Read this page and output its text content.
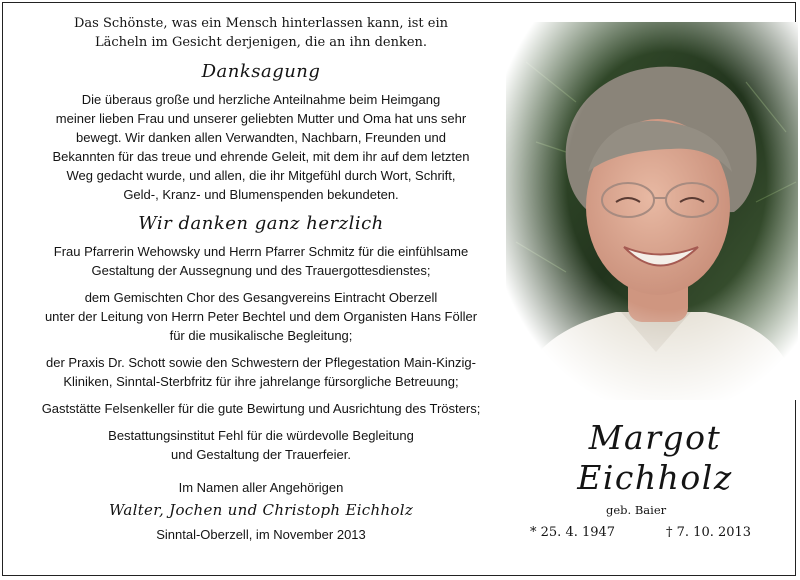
Das Schönste, was ein Mensch hinterlassen kann, ist ein
Lächeln im Gesicht derjenigen, die an ihn denken.
Danksagung
Die überaus große und herzliche Anteilnahme beim Heimgang
meiner lieben Frau und unserer geliebten Mutter und Oma hat uns sehr
bewegt. Wir danken allen Verwandten, Nachbarn, Freunden und
Bekannten für das treue und ehrende Geleit, mit dem ihr auf dem letzten
Weg gedacht wurde, und allen, die ihr Mitgefühl durch Wort, Schrift,
Geld-, Kranz- und Blumenspenden bekundeten.
Wir danken ganz herzlich
Frau Pfarrerin Wehowsky und Herrn Pfarrer Schmitz für die einfühlsame
Gestaltung der Aussegnung und des Trauergottesdienstes;
dem Gemischten Chor des Gesangvereins Eintracht Oberzell
unter der Leitung von Herrn Peter Bechtel und dem Organisten Hans Föller
für die musikalische Begleitung;
der Praxis Dr. Schott sowie den Schwestern der Pflegestation Main-Kinzig-
Kliniken, Sinntal-Sterbfritz für ihre jahrelange fürsorgliche Betreuung;
Gaststätte Felsenkeller für die gute Bewirtung und Ausrichtung des Trösters;
Bestattungsinstitut Fehl für die würdevolle Begleitung
und Gestaltung der Trauerfeier.
Im Namen aller Angehörigen
Walter, Jochen und Christoph Eichholz
Sinntal-Oberzell, im November 2013
Margot
Eichholz
geb. Baier
* 25. 4. 1947	† 7. 10. 2013
